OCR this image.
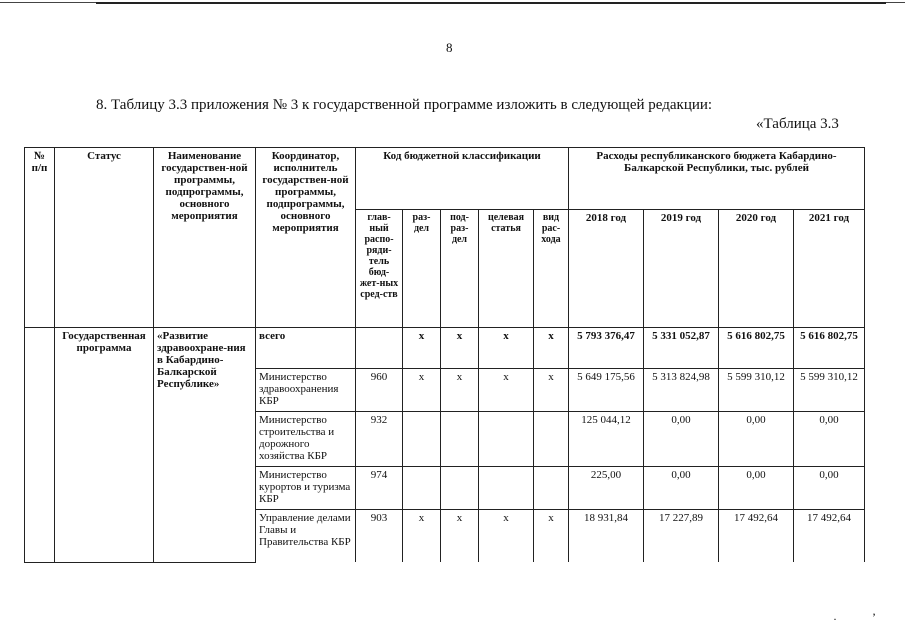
8
8. Таблицу 3.3 приложения № 3 к государственной программе изложить в следующей редакции:
«Таблица 3.3
№ п/п	Статус	Наименование государствен-ной программы, подпрограммы, основного мероприятия	Координатор, исполнитель государствен-ной программы, подпрограммы, основного мероприятия	Код бюджетной классификации					Расходы республиканского бюджета Кабардино-Балкарской Республики, тыс. рублей			
				глав-ный распо-ряди-тель бюд-жет-ных сред-ств	раз-дел	под-раз-дел	целевая статья	вид рас-хода	2018 год	2019 год	2020 год	2021 год
	Государственная программа	«Развитие здравоохране-ния в Кабардино-Балкарской Республике»	всего		х	х	х	х	5 793 376,47	5 331 052,87	5 616 802,75	5 616 802,75
			Министерство здравоохранения КБР	960	х	х	х	х	5 649 175,56	5 313 824,98	5 599 310,12	5 599 310,12
			Министерство строительства и дорожного хозяйства КБР	932					125 044,12	0,00	0,00	0,00
			Министерство курортов и туризма КБР	974					225,00	0,00	0,00	0,00
			Управление делами Главы и Правительства КБР	903	х	х	х	х	18 931,84	17 227,89	17 492,64	17 492,64
·	’
